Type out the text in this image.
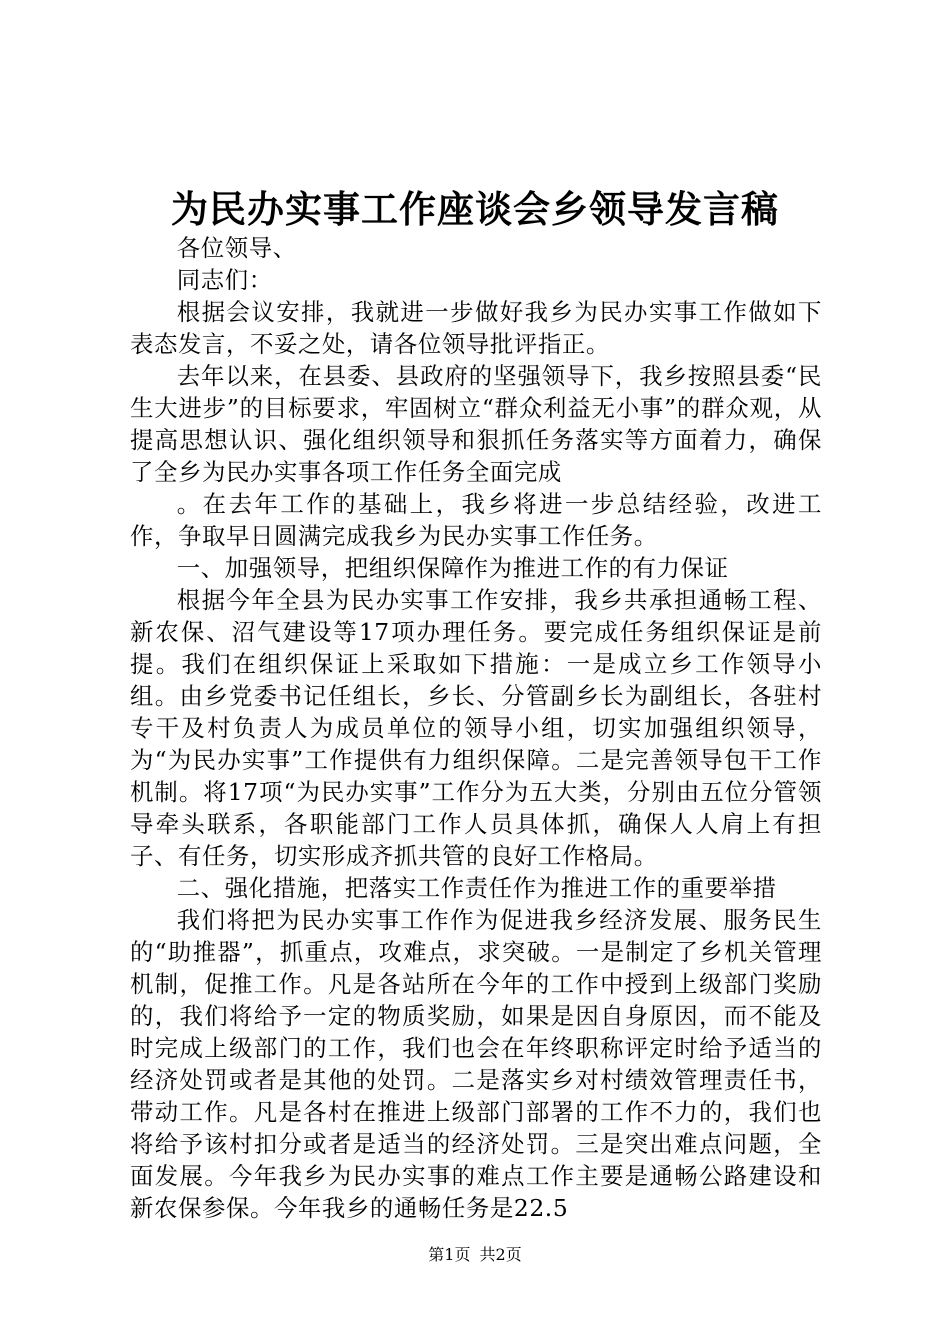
为民办实事工作座谈会乡领导发言稿

各位领导、

同志们：

根据会议安排，我就进一步做好我乡为民办实事工作做如下表态发言，不妥之处，请各位领导批评指正。

去年以来，在县委、县政府的坚强领导下，我乡按照县委“民生大进步”的目标要求，牢固树立“群众利益无小事”的群众观，从提高思想认识、强化组织领导和狠抓任务落实等方面着力，确保了全乡为民办实事各项工作任务全面完成

。在去年工作的基础上，我乡将进一步总结经验，改进工作，争取早日圆满完成我乡为民办实事工作任务。

一、加强领导，把组织保障作为推进工作的有力保证

根据今年全县为民办实事工作安排，我乡共承担通畅工程、新农保、沼气建设等17项办理任务。要完成任务组织保证是前提。我们在组织保证上采取如下措施：一是成立乡工作领导小组。由乡党委书记任组长，乡长、分管副乡长为副组长，各驻村专干及村负责人为成员单位的领导小组，切实加强组织领导，为“为民办实事”工作提供有力组织保障。二是完善领导包干工作机制。将17项“为民办实事”工作分为五大类，分别由五位分管领导牵头联系，各职能部门工作人员具体抓，确保人人肩上有担子、有任务，切实形成齐抓共管的良好工作格局。

二、强化措施，把落实工作责任作为推进工作的重要举措

我们将把为民办实事工作作为促进我乡经济发展、服务民生的“助推器”，抓重点，攻难点，求突破。一是制定了乡机关管理机制，促推工作。凡是各站所在今年的工作中授到上级部门奖励的，我们将给予一定的物质奖励，如果是因自身原因，而不能及时完成上级部门的工作，我们也会在年终职称评定时给予适当的经济处罚或者是其他的处罚。二是落实乡对村绩效管理责任书，带动工作。凡是各村在推进上级部门部署的工作不力的，我们也将给予该村扣分或者是适当的经济处罚。三是突出难点问题，全面发展。今年我乡为民办实事的难点工作主要是通畅公路建设和新农保参保。今年我乡的通畅任务是22.5

第1页 共2页
